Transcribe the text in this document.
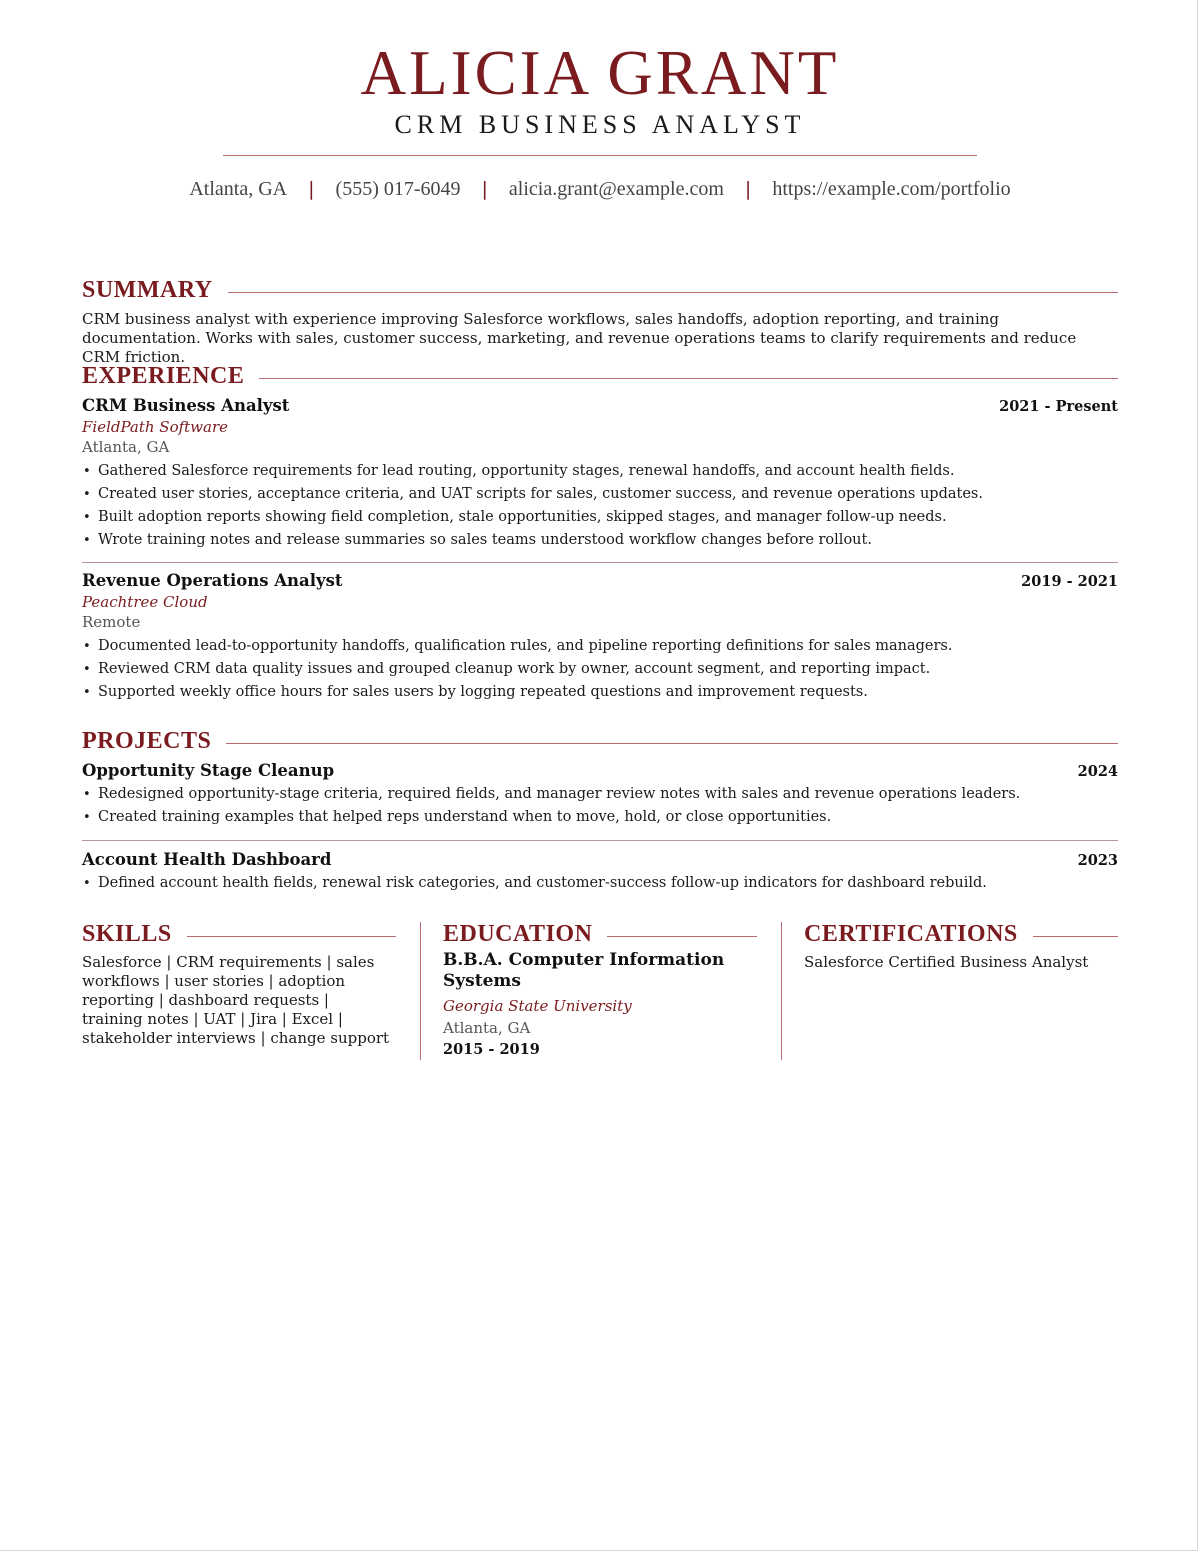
ALICIA GRANT
CRM BUSINESS ANALYST
Atlanta, GA | (555) 017-6049 | alicia.grant@example.com | https://example.com/portfolio
SUMMARY
CRM business analyst with experience improving Salesforce workflows, sales handoffs, adoption reporting, and training documentation. Works with sales, customer success, marketing, and revenue operations teams to clarify requirements and reduce CRM friction.
EXPERIENCE
CRM Business Analyst	2021 - Present
FieldPath Software
Atlanta, GA
• Gathered Salesforce requirements for lead routing, opportunity stages, renewal handoffs, and account health fields.
• Created user stories, acceptance criteria, and UAT scripts for sales, customer success, and revenue operations updates.
• Built adoption reports showing field completion, stale opportunities, skipped stages, and manager follow-up needs.
• Wrote training notes and release summaries so sales teams understood workflow changes before rollout.
Revenue Operations Analyst	2019 - 2021
Peachtree Cloud
Remote
• Documented lead-to-opportunity handoffs, qualification rules, and pipeline reporting definitions for sales managers.
• Reviewed CRM data quality issues and grouped cleanup work by owner, account segment, and reporting impact.
• Supported weekly office hours for sales users by logging repeated questions and improvement requests.
PROJECTS
Opportunity Stage Cleanup	2024
• Redesigned opportunity-stage criteria, required fields, and manager review notes with sales and revenue operations leaders.
• Created training examples that helped reps understand when to move, hold, or close opportunities.
Account Health Dashboard	2023
• Defined account health fields, renewal risk categories, and customer-success follow-up indicators for dashboard rebuild.
SKILLS
Salesforce | CRM requirements | sales workflows | user stories | adoption reporting | dashboard requests | training notes | UAT | Jira | Excel | stakeholder interviews | change support
EDUCATION
B.B.A. Computer Information Systems
Georgia State University
Atlanta, GA
2015 - 2019
CERTIFICATIONS
Salesforce Certified Business Analyst
